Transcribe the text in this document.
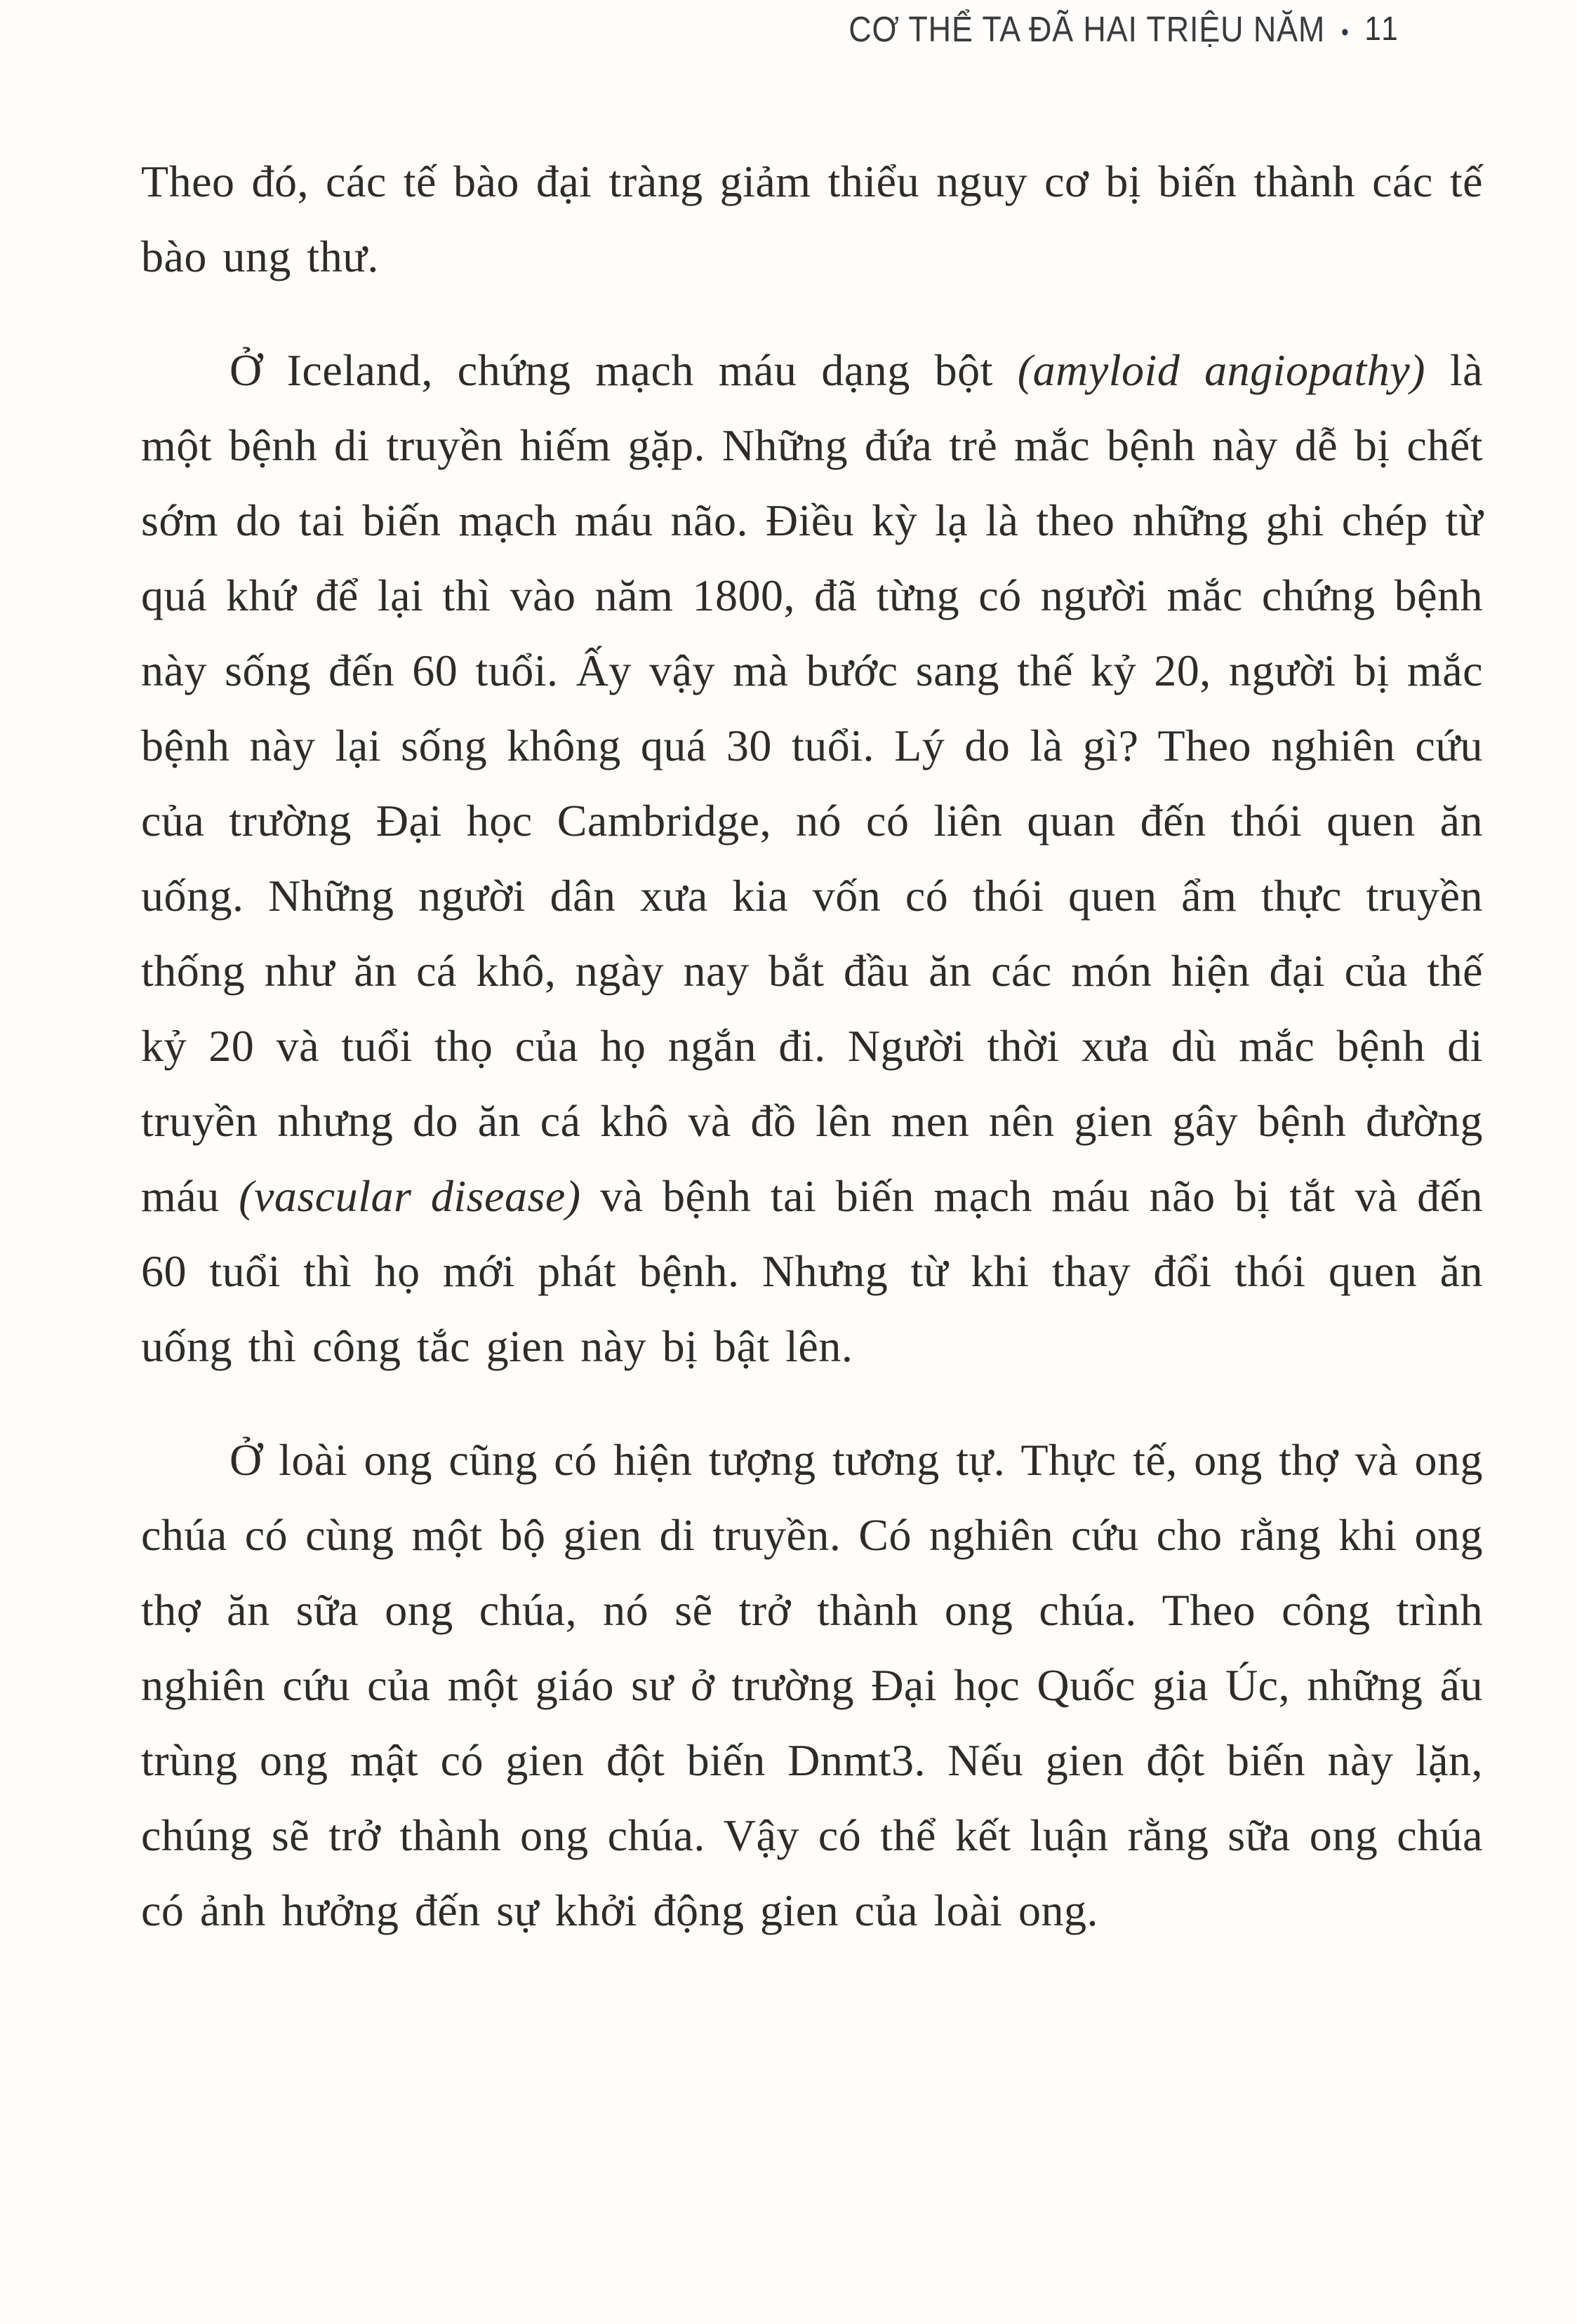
CƠ THỂ TA ĐÃ HAI TRIỆU NĂM • 11

Theo đó, các tế bào đại tràng giảm thiểu nguy cơ bị biến thành các tế bào ung thư.

Ở Iceland, chứng mạch máu dạng bột (amyloid angiopathy) là một bệnh di truyền hiếm gặp. Những đứa trẻ mắc bệnh này dễ bị chết sớm do tai biến mạch máu não. Điều kỳ lạ là theo những ghi chép từ quá khứ để lại thì vào năm 1800, đã từng có người mắc chứng bệnh này sống đến 60 tuổi. Ấy vậy mà bước sang thế kỷ 20, người bị mắc bệnh này lại sống không quá 30 tuổi. Lý do là gì? Theo nghiên cứu của trường Đại học Cambridge, nó có liên quan đến thói quen ăn uống. Những người dân xưa kia vốn có thói quen ẩm thực truyền thống như ăn cá khô, ngày nay bắt đầu ăn các món hiện đại của thế kỷ 20 và tuổi thọ của họ ngắn đi. Người thời xưa dù mắc bệnh di truyền nhưng do ăn cá khô và đồ lên men nên gien gây bệnh đường máu (vascular disease) và bệnh tai biến mạch máu não bị tắt và đến 60 tuổi thì họ mới phát bệnh. Nhưng từ khi thay đổi thói quen ăn uống thì công tắc gien này bị bật lên.

Ở loài ong cũng có hiện tượng tương tự. Thực tế, ong thợ và ong chúa có cùng một bộ gien di truyền. Có nghiên cứu cho rằng khi ong thợ ăn sữa ong chúa, nó sẽ trở thành ong chúa. Theo công trình nghiên cứu của một giáo sư ở trường Đại học Quốc gia Úc, những ấu trùng ong mật có gien đột biến Dnmt3. Nếu gien đột biến này lặn, chúng sẽ trở thành ong chúa. Vậy có thể kết luận rằng sữa ong chúa có ảnh hưởng đến sự khởi động gien của loài ong.
